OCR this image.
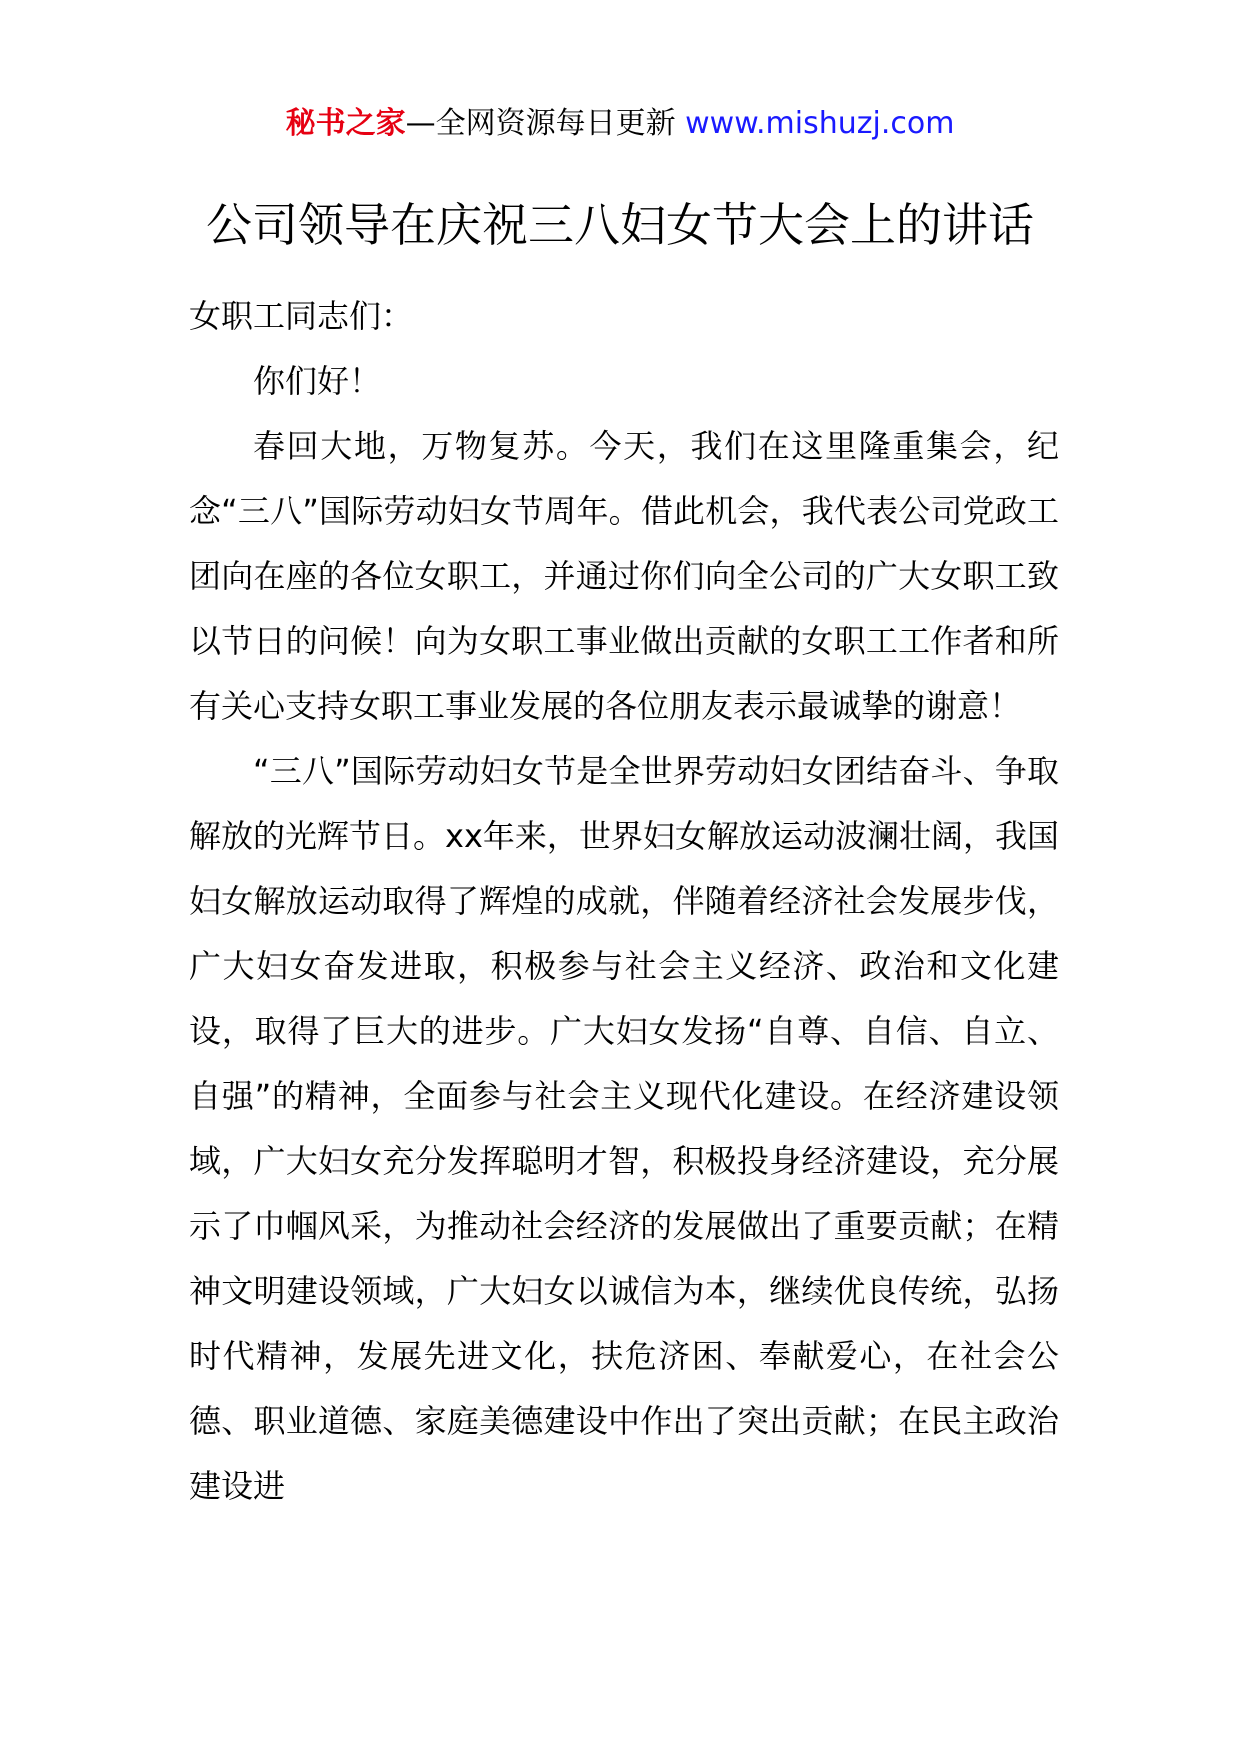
秘书之家—全网资源每日更新 www.mishuzj.com
公司领导在庆祝三八妇女节大会上的讲话

女职工同志们：

你们好！

春回大地，万物复苏。今天，我们在这里隆重集会，纪念“三八”国际劳动妇女节周年。借此机会，我代表公司党政工团向在座的各位女职工，并通过你们向全公司的广大女职工致以节日的问候！向为女职工事业做出贡献的女职工工作者和所有关心支持女职工事业发展的各位朋友表示最诚挚的谢意！

“三八”国际劳动妇女节是全世界劳动妇女团结奋斗、争取解放的光辉节日。xx年来，世界妇女解放运动波澜壮阔，我国妇女解放运动取得了辉煌的成就，伴随着经济社会发展步伐，广大妇女奋发进取，积极参与社会主义经济、政治和文化建设，取得了巨大的进步。广大妇女发扬“自尊、自信、自立、自强”的精神，全面参与社会主义现代化建设。在经济建设领域，广大妇女充分发挥聪明才智，积极投身经济建设，充分展示了巾帼风采，为推动社会经济的发展做出了重要贡献；在精神文明建设领域，广大妇女以诚信为本，继续优良传统，弘扬时代精神，发展先进文化，扶危济困、奉献爱心，在社会公德、职业道德、家庭美德建设中作出了突出贡献；在民主政治建设进
